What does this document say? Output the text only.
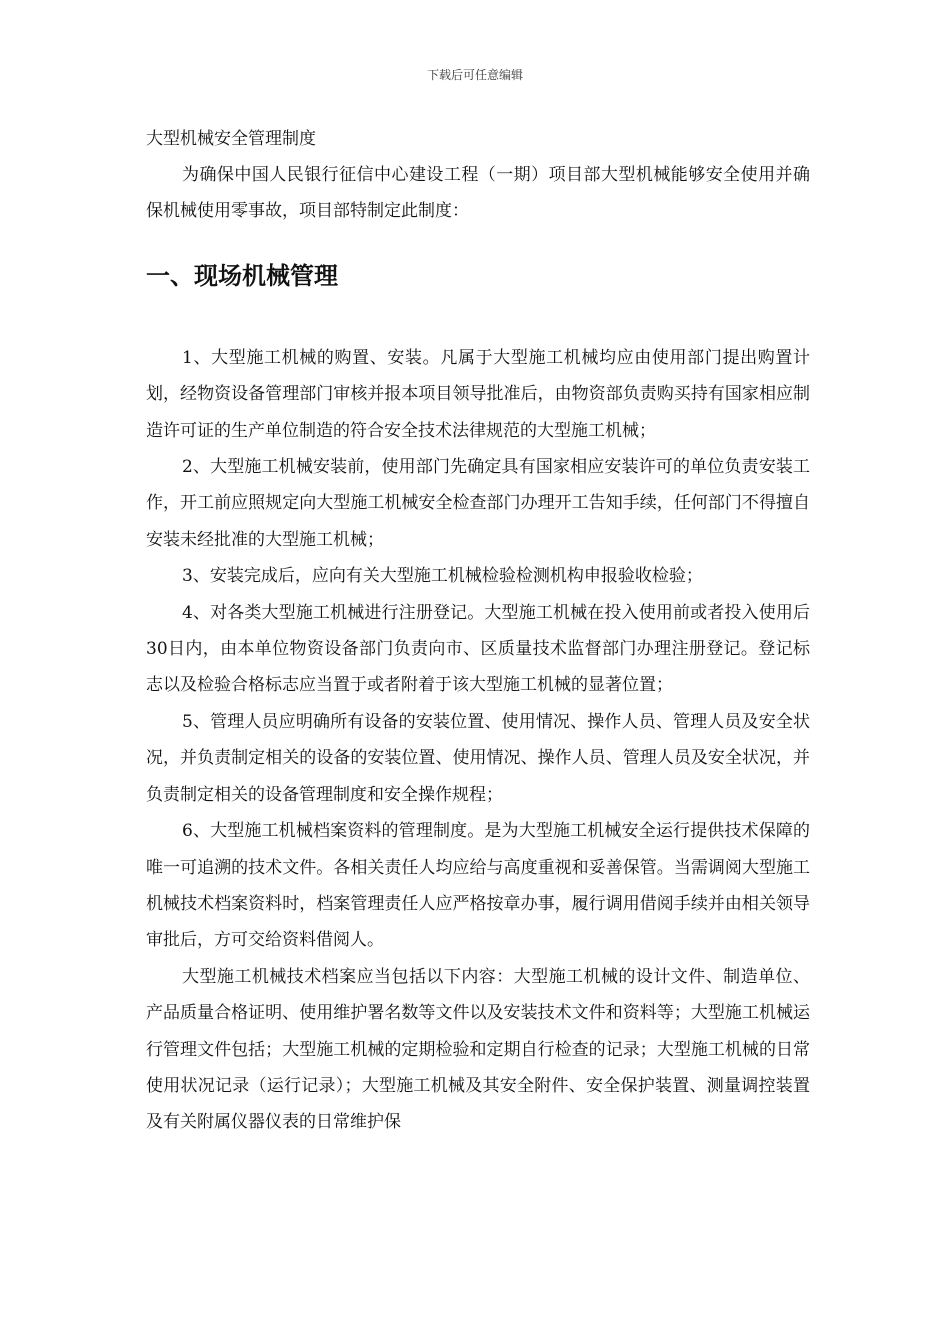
下载后可任意编辑

大型机械安全管理制度

为确保中国人民银行征信中心建设工程（一期）项目部大型机械能够安全使用并确保机械使用零事故，项目部特制定此制度：

一、现场机械管理

1、大型施工机械的购置、安装。凡属于大型施工机械均应由使用部门提出购置计划，经物资设备管理部门审核并报本项目领导批准后，由物资部负责购买持有国家相应制造许可证的生产单位制造的符合安全技术法律规范的大型施工机械；

2、大型施工机械安装前，使用部门先确定具有国家相应安装许可的单位负责安装工作，开工前应照规定向大型施工机械安全检查部门办理开工告知手续，任何部门不得擅自安装未经批准的大型施工机械；

3、安装完成后，应向有关大型施工机械检验检测机构申报验收检验；

4、对各类大型施工机械进行注册登记。大型施工机械在投入使用前或者投入使用后30日内，由本单位物资设备部门负责向市、区质量技术监督部门办理注册登记。登记标志以及检验合格标志应当置于或者附着于该大型施工机械的显著位置；

5、管理人员应明确所有设备的安装位置、使用情况、操作人员、管理人员及安全状况，并负责制定相关的设备的安装位置、使用情况、操作人员、管理人员及安全状况，并负责制定相关的设备管理制度和安全操作规程；

6、大型施工机械档案资料的管理制度。是为大型施工机械安全运行提供技术保障的唯一可追溯的技术文件。各相关责任人均应给与高度重视和妥善保管。当需调阅大型施工机械技术档案资料时，档案管理责任人应严格按章办事，履行调用借阅手续并由相关领导审批后，方可交给资料借阅人。

大型施工机械技术档案应当包括以下内容：大型施工机械的设计文件、制造单位、产品质量合格证明、使用维护署名数等文件以及安装技术文件和资料等；大型施工机械运行管理文件包括；大型施工机械的定期检验和定期自行检查的记录；大型施工机械的日常使用状况记录（运行记录）；大型施工机械及其安全附件、安全保护装置、测量调控装置及有关附属仪器仪表的日常维护保
